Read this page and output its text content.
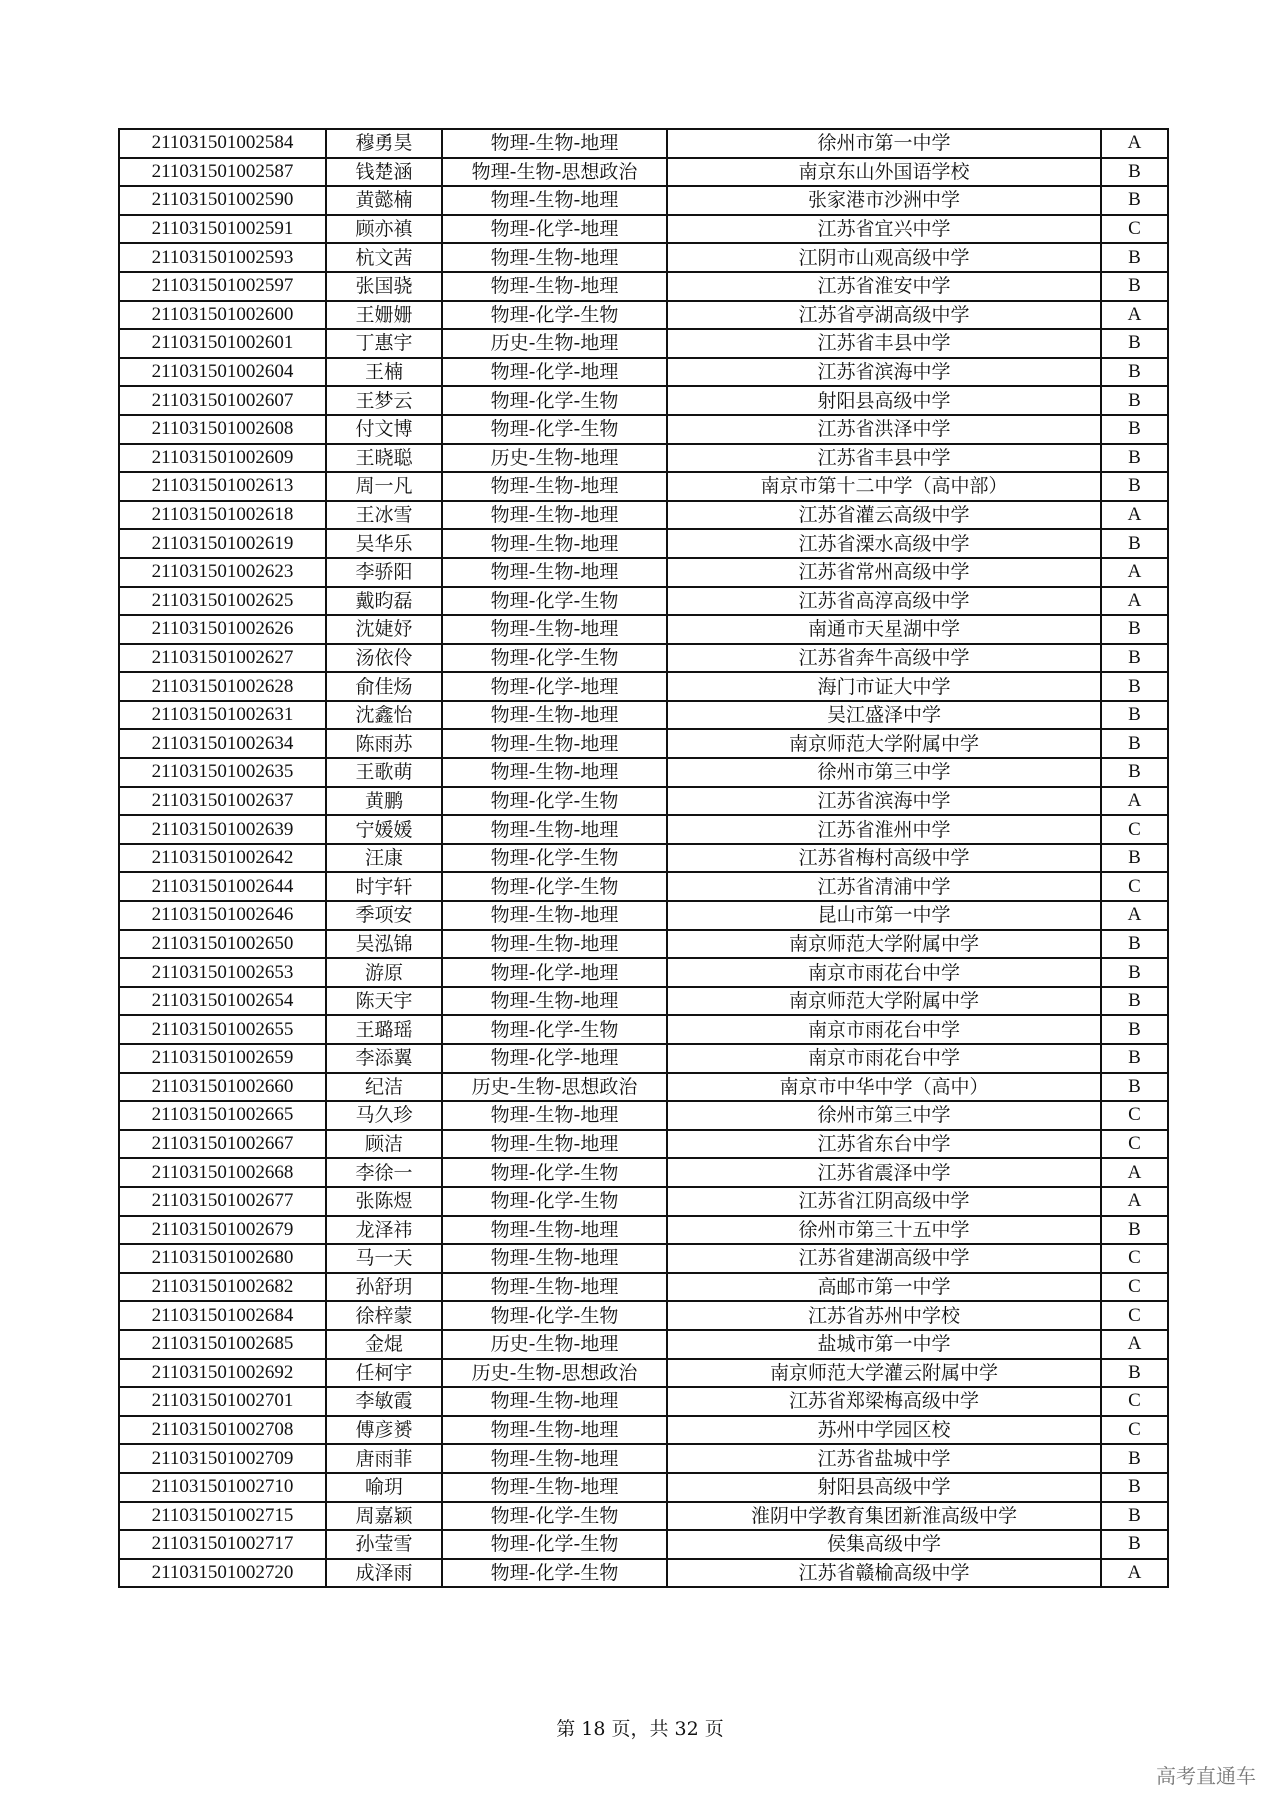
211031501002584	穆勇昊	物理-生物-地理	徐州市第一中学	A
211031501002587	钱楚涵	物理-生物-思想政治	南京东山外国语学校	B
211031501002590	黄懿楠	物理-生物-地理	张家港市沙洲中学	B
211031501002591	顾亦禛	物理-化学-地理	江苏省宜兴中学	C
211031501002593	杭文茜	物理-生物-地理	江阴市山观高级中学	B
211031501002597	张国骁	物理-生物-地理	江苏省淮安中学	B
211031501002600	王姗姗	物理-化学-生物	江苏省亭湖高级中学	A
211031501002601	丁惠宇	历史-生物-地理	江苏省丰县中学	B
211031501002604	王楠	物理-化学-地理	江苏省滨海中学	B
211031501002607	王梦云	物理-化学-生物	射阳县高级中学	B
211031501002608	付文博	物理-化学-生物	江苏省洪泽中学	B
211031501002609	王晓聪	历史-生物-地理	江苏省丰县中学	B
211031501002613	周一凡	物理-生物-地理	南京市第十二中学（高中部）	B
211031501002618	王冰雪	物理-生物-地理	江苏省灌云高级中学	A
211031501002619	吴华乐	物理-生物-地理	江苏省溧水高级中学	B
211031501002623	李骄阳	物理-生物-地理	江苏省常州高级中学	A
211031501002625	戴昀磊	物理-化学-生物	江苏省高淳高级中学	A
211031501002626	沈婕妤	物理-生物-地理	南通市天星湖中学	B
211031501002627	汤依伶	物理-化学-生物	江苏省奔牛高级中学	B
211031501002628	俞佳炀	物理-化学-地理	海门市证大中学	B
211031501002631	沈鑫怡	物理-生物-地理	吴江盛泽中学	B
211031501002634	陈雨苏	物理-生物-地理	南京师范大学附属中学	B
211031501002635	王歌萌	物理-生物-地理	徐州市第三中学	B
211031501002637	黄鹏	物理-化学-生物	江苏省滨海中学	A
211031501002639	宁媛媛	物理-生物-地理	江苏省淮州中学	C
211031501002642	汪康	物理-化学-生物	江苏省梅村高级中学	B
211031501002644	时宇轩	物理-化学-生物	江苏省清浦中学	C
211031501002646	季项安	物理-生物-地理	昆山市第一中学	A
211031501002650	吴泓锦	物理-生物-地理	南京师范大学附属中学	B
211031501002653	游原	物理-化学-地理	南京市雨花台中学	B
211031501002654	陈天宇	物理-生物-地理	南京师范大学附属中学	B
211031501002655	王璐瑶	物理-化学-生物	南京市雨花台中学	B
211031501002659	李添翼	物理-化学-地理	南京市雨花台中学	B
211031501002660	纪洁	历史-生物-思想政治	南京市中华中学（高中）	B
211031501002665	马久珍	物理-生物-地理	徐州市第三中学	C
211031501002667	顾洁	物理-生物-地理	江苏省东台中学	C
211031501002668	李徐一	物理-化学-生物	江苏省震泽中学	A
211031501002677	张陈煜	物理-化学-生物	江苏省江阴高级中学	A
211031501002679	龙泽祎	物理-生物-地理	徐州市第三十五中学	B
211031501002680	马一天	物理-生物-地理	江苏省建湖高级中学	C
211031501002682	孙舒玥	物理-生物-地理	高邮市第一中学	C
211031501002684	徐梓蒙	物理-化学-生物	江苏省苏州中学校	C
211031501002685	金焜	历史-生物-地理	盐城市第一中学	A
211031501002692	任柯宇	历史-生物-思想政治	南京师范大学灌云附属中学	B
211031501002701	李敏霞	物理-生物-地理	江苏省郑梁梅高级中学	C
211031501002708	傅彦赟	物理-生物-地理	苏州中学园区校	C
211031501002709	唐雨菲	物理-生物-地理	江苏省盐城中学	B
211031501002710	喻玥	物理-生物-地理	射阳县高级中学	B
211031501002715	周嘉颖	物理-化学-生物	淮阴中学教育集团新淮高级中学	B
211031501002717	孙莹雪	物理-化学-生物	侯集高级中学	B
211031501002720	成泽雨	物理-化学-生物	江苏省赣榆高级中学	A
第 18 页，共 32 页
高考直通车
